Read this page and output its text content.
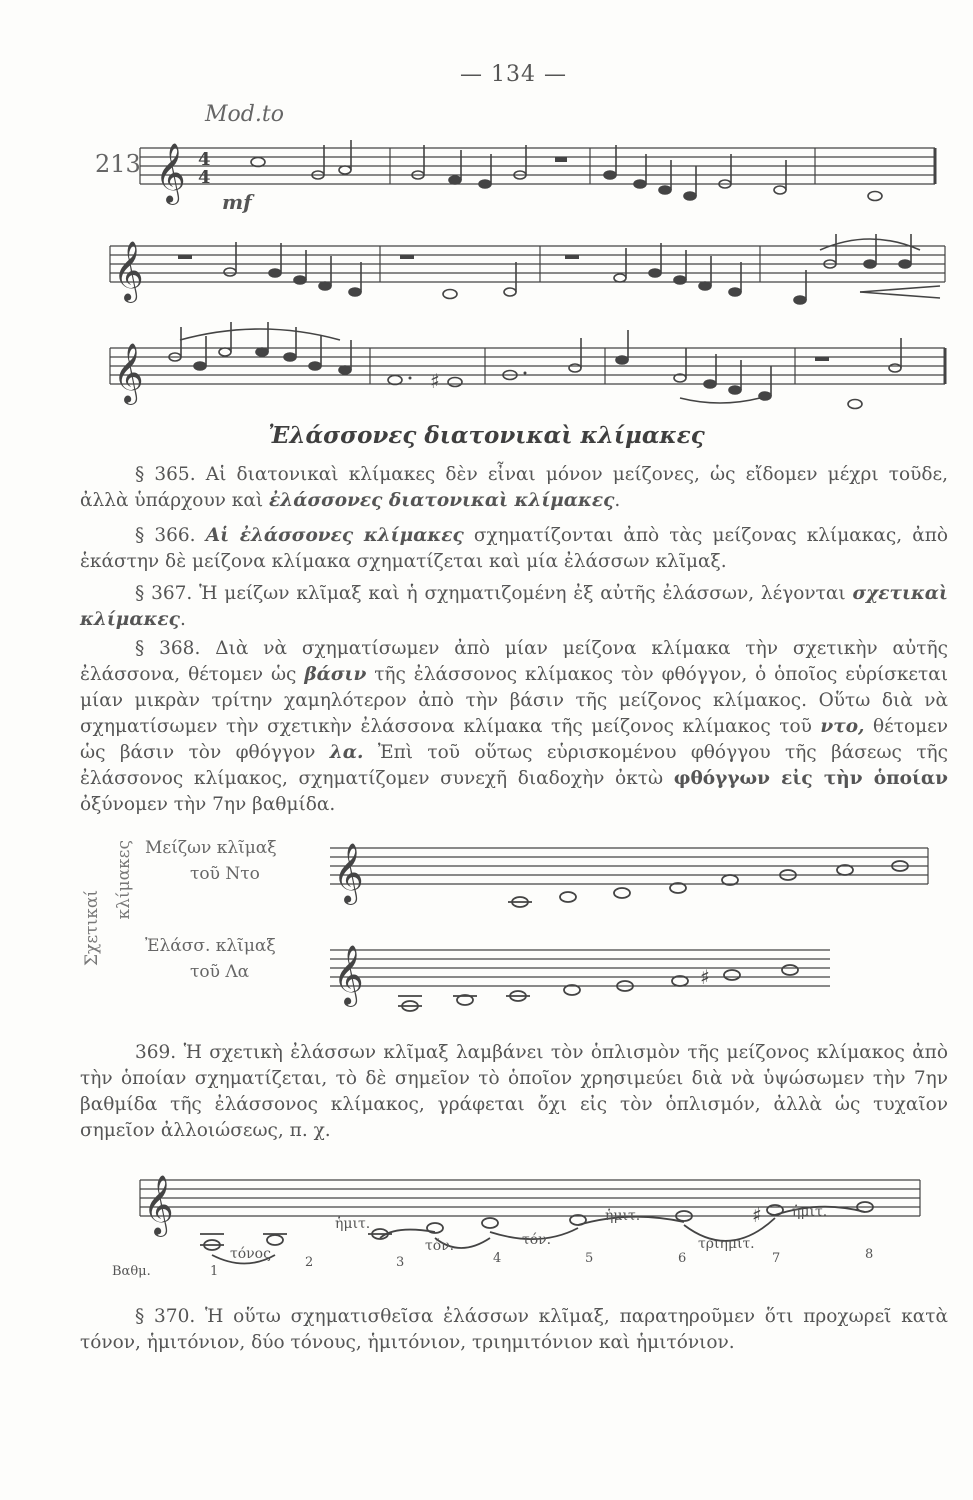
— 134 —
213
Mod.to
mf
𝄞 4
4
𝄞
𝄞	♯
𝄞
𝄞	♯
𝄞	♯
Ἐλάσσονες διατονικαὶ κλίμακες
§ 365. Αἱ διατονικαὶ κλίμακες δὲν εἶναι μόνον μείζονες, ὡς εἴδομεν μέχρι τοῦδε, ἀλλὰ ὑπάρχουν καὶ ἐλάσσονες διατονικαὶ κλίμακες.
§ 366. Αἱ ἐλάσσονες κλίμακες σχηματίζονται ἀπὸ τὰς μείζονας κλίμακας, ἀπὸ ἑκάστην δὲ μείζονα κλίμακα σχηματίζεται καὶ μία ἐλάσσων κλῖμαξ.
§ 367. Ἡ μείζων κλῖμαξ καὶ ἡ σχηματιζομένη ἐξ αὐτῆς ἐλάσσων, λέγονται σχετικαὶ κλίμακες.
§ 368. Διὰ νὰ σχηματίσωμεν ἀπὸ μίαν μείζονα κλίμακα τὴν σχετικὴν αὐτῆς ἐλάσσονα, θέτομεν ὡς βάσιν τῆς ἐλάσσονος κλίμακος τὸν φθόγγον, ὁ ὁποῖος εὑρίσκεται μίαν μικρὰν τρίτην χαμηλότερον ἀπὸ τὴν βάσιν τῆς μείζονος κλίμακος. Οὕτω διὰ νὰ σχηματίσωμεν τὴν σχετικὴν ἐλάσσονα κλίμακα τῆς μείζονος κλίμακος τοῦ ντο, θέτομεν ὡς βάσιν τὸν φθόγγον λα. Ἐπὶ τοῦ οὕτως εὑρισκομένου φθόγγου τῆς βάσεως τῆς ἐλάσσονος κλίμακος, σχηματίζομεν συνεχῆ διαδοχὴν ὀκτὼ φθόγγων εἰς τὴν ὁποίαν ὀξύνομεν τὴν 7ην βαθμίδα.
Σχετικαί
κλίμακες Μείζων κλῖμαξ
τοῦ Ντο
Ἐλάσσ. κλῖμαξ
τοῦ Λα
369. Ἡ σχετικὴ ἐλάσσων κλῖμαξ λαμβάνει τὸν ὁπλισμὸν τῆς μείζονος κλίμακος ἀπὸ τὴν ὁποίαν σχηματίζεται, τὸ δὲ σημεῖον τὸ ὁποῖον χρησιμεύει διὰ νὰ ὑψώσωμεν τὴν 7ην βαθμίδα τῆς ἐλάσσονος κλίμακος, γράφεται ὄχι εἰς τὸν ὁπλισμόν, ἀλλὰ ὡς τυχαῖον σημεῖον ἀλλοιώσεως, π. χ.
Βαθμ.	1
2	3	4	5	6	7	8
τόνος
ἡμιτ.
τόν.	τόν.
ἡμιτ.
τριημιτ.
ἡμιτ.
§ 370. Ἡ οὕτω σχηματισθεῖσα ἐλάσσων κλῖμαξ, παρατηροῦμεν ὅτι προχωρεῖ κατὰ τόνον, ἡμιτόνιον, δύο τόνους, ἡμιτόνιον, τριημιτόνιον καὶ ἡμιτόνιον.
